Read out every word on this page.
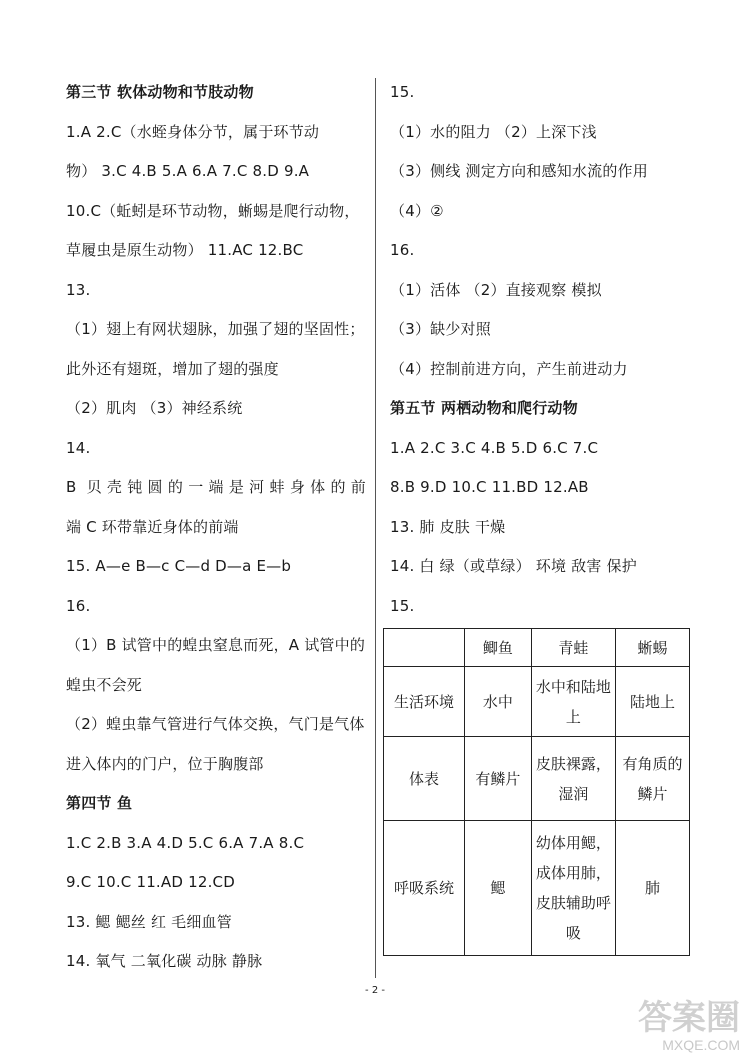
第三节 软体动物和节肢动物
1.A 2.C（水蛭身体分节，属于环节动
物） 3.C 4.B 5.A 6.A 7.C 8.D 9.A
10.C（蚯蚓是环节动物，蜥蜴是爬行动物，
草履虫是原生动物） 11.AC 12.BC
13.
（1）翅上有网状翅脉，加强了翅的坚固性；
此外还有翅斑，增加了翅的强度
（2）肌肉 （3）神经系统
14.
B 贝壳钝圆的一端是河蚌身体的前
端 C 环带靠近身体的前端
15. A—e B—c C—d D—a E—b
16.
（1）B 试管中的蝗虫窒息而死，A 试管中的
蝗虫不会死
（2）蝗虫靠气管进行气体交换，气门是气体
进入体内的门户，位于胸腹部
第四节 鱼
1.C 2.B 3.A 4.D 5.C 6.A 7.A 8.C
9.C 10.C 11.AD 12.CD
13. 鳃 鳃丝 红 毛细血管
14. 氧气 二氧化碳 动脉 静脉
15.
（1）水的阻力 （2）上深下浅
（3）侧线 测定方向和感知水流的作用
（4）②
16.
（1）活体 （2）直接观察 模拟
（3）缺少对照
（4）控制前进方向，产生前进动力
第五节 两栖动物和爬行动物
1.A 2.C 3.C 4.B 5.D 6.C 7.C
8.B 9.D 10.C 11.BD 12.AB
13. 肺 皮肤 干燥
14. 白 绿（或草绿） 环境 敌害 保护
15.
	鲫鱼	青蛙	蜥蜴
生活环境	水中	水中和陆地上	陆地上
体表	有鳞片	皮肤裸露，湿润	有角质的鳞片
呼吸系统	鳃	幼体用鳃，成体用肺，皮肤辅助呼吸	肺
- 2 -
答案圈
MXQE.COM
